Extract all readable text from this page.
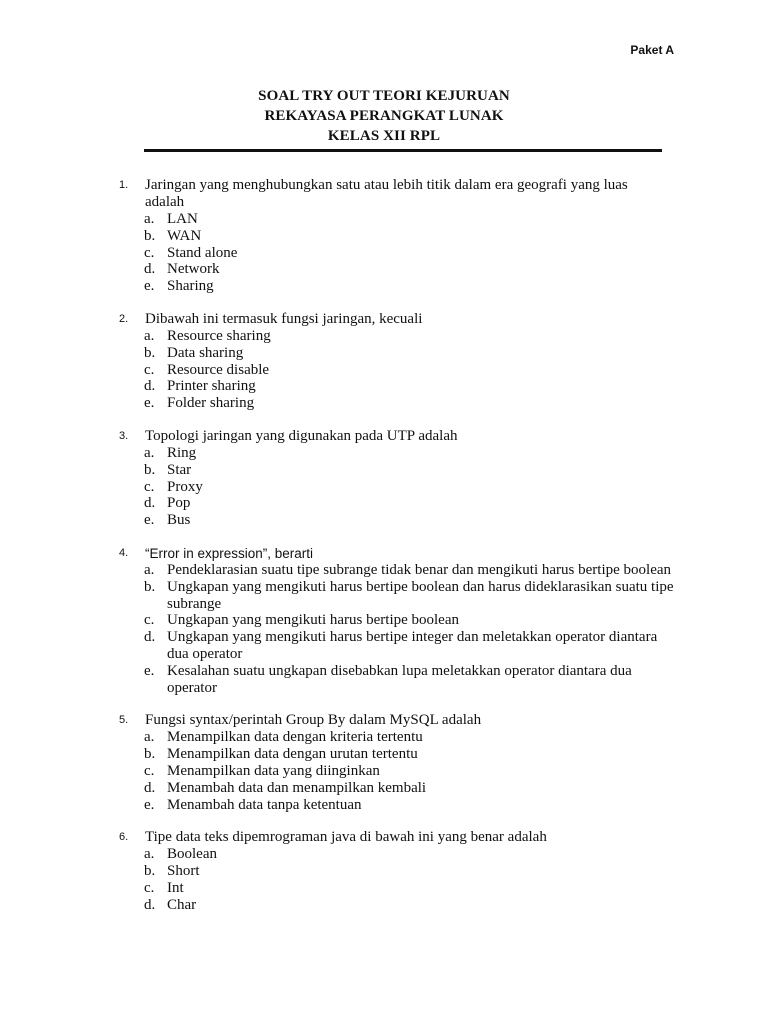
Paket A
SOAL TRY OUT TEORI KEJURUAN
REKAYASA PERANGKAT LUNAK
KELAS XII RPL
1. Jaringan yang menghubungkan satu atau lebih titik dalam era geografi yang luas adalah
a. LAN
b. WAN
c. Stand alone
d. Network
e. Sharing
2. Dibawah ini termasuk fungsi jaringan, kecuali
a. Resource sharing
b. Data sharing
c. Resource disable
d. Printer sharing
e. Folder sharing
3. Topologi jaringan yang digunakan pada UTP adalah
a. Ring
b. Star
c. Proxy
d. Pop
e. Bus
4. “Error in expression”, berarti
a. Pendeklarasian suatu tipe subrange tidak benar dan mengikuti harus bertipe boolean
b. Ungkapan yang mengikuti harus bertipe boolean dan harus dideklarasikan suatu tipe subrange
c. Ungkapan yang mengikuti harus bertipe boolean
d. Ungkapan yang mengikuti harus bertipe integer dan meletakkan operator diantara dua operator
e. Kesalahan suatu ungkapan disebabkan lupa meletakkan operator diantara dua operator
5. Fungsi syntax/perintah Group By dalam MySQL adalah
a. Menampilkan data dengan kriteria tertentu
b. Menampilkan data dengan urutan tertentu
c. Menampilkan data yang diinginkan
d. Menambah data dan menampilkan kembali
e. Menambah data tanpa ketentuan
6. Tipe data teks dipemrograman java di bawah ini yang benar adalah
a. Boolean
b. Short
c. Int
d. Char
